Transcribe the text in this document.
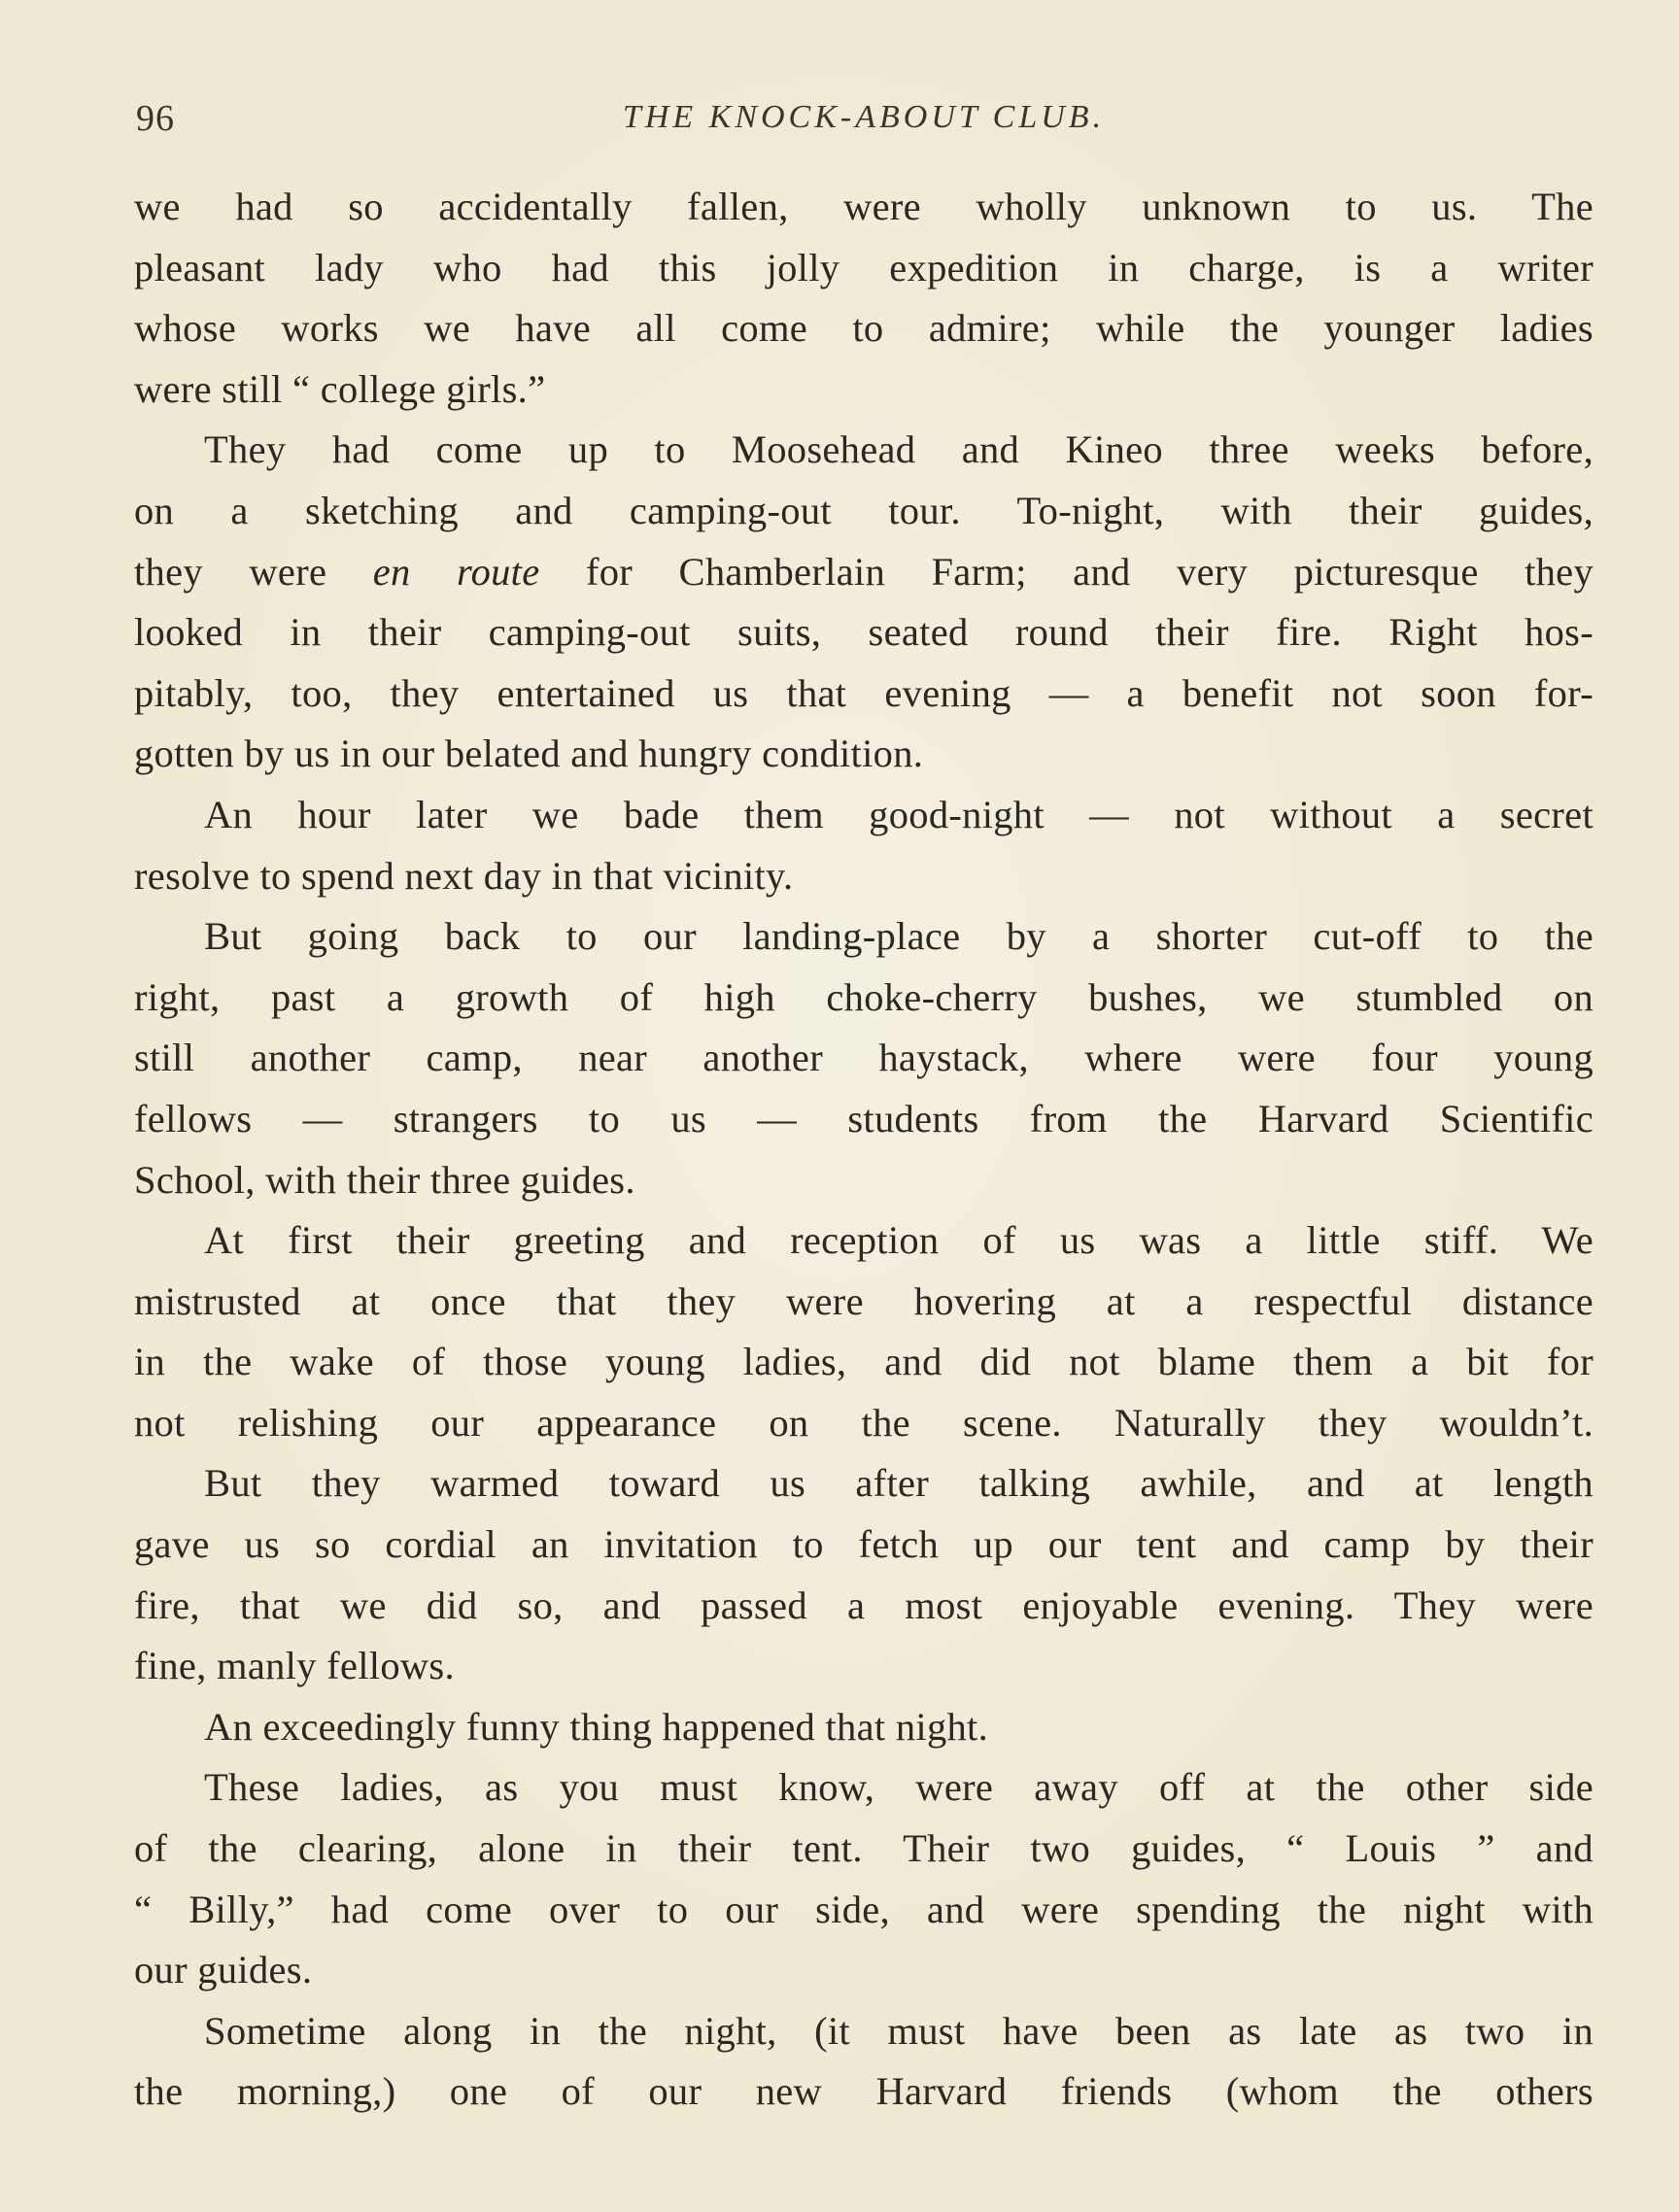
96	THE KNOCK-ABOUT CLUB.
we had so accidentally fallen, were wholly unknown to us. The
pleasant lady who had this jolly expedition in charge, is a writer
whose works we have all come to admire; while the younger ladies
were still “ college girls.”
They had come up to Moosehead and Kineo three weeks before,
on a sketching and camping-out tour. To-night, with their guides,
they were en route for Chamberlain Farm; and very picturesque they
looked in their camping-out suits, seated round their fire. Right hos-
pitably, too, they entertained us that evening — a benefit not soon for-
gotten by us in our belated and hungry condition.
An hour later we bade them good-night — not without a secret
resolve to spend next day in that vicinity.
But going back to our landing-place by a shorter cut-off to the
right, past a growth of high choke-cherry bushes, we stumbled on
still another camp, near another haystack, where were four young
fellows — strangers to us — students from the Harvard Scientific
School, with their three guides.
At first their greeting and reception of us was a little stiff. We
mistrusted at once that they were hovering at a respectful distance
in the wake of those young ladies, and did not blame them a bit for
not relishing our appearance on the scene. Naturally they wouldn’t.
But they warmed toward us after talking awhile, and at length
gave us so cordial an invitation to fetch up our tent and camp by their
fire, that we did so, and passed a most enjoyable evening. They were
fine, manly fellows.
An exceedingly funny thing happened that night.
These ladies, as you must know, were away off at the other side
of the clearing, alone in their tent. Their two guides, “ Louis ” and
“ Billy,” had come over to our side, and were spending the night with
our guides.
Sometime along in the night, (it must have been as late as two in
the morning,) one of our new Harvard friends (whom the others
